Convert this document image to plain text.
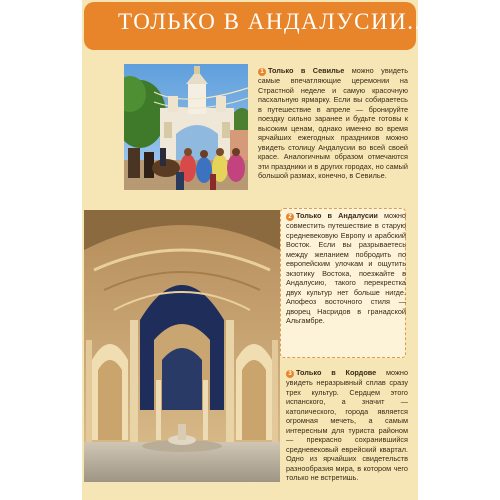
ТОЛЬКО В АНДАЛУСИИ...
1 Только в Севилье можно увидеть самые впечатляющие церемонии на Страстной неделе и самую красочную пасхальную ярмарку. Если вы собираетесь в путешествие в апреле — бронируйте поездку сильно заранее и будьте готовы к высоким ценам, однако именно во время ярчайших ежегодных праздников можно увидеть столицу Андалусии во всей своей красе. Аналогичным образом отмечаются эти праздники и в других городах, но самый большой размах, конечно, в Севилье.
2 Только в Андалусии можно совместить путешествие в старую средневековую Европу и арабский Восток. Если вы разрываетесь между желанием побродить по европейским улочкам и ощутить экзотику Востока, поезжайте в Андалусию, такого перекрестка двух культур нет больше нигде. Апофеоз восточного стиля — дворец Насридов в гранадской Альгамбре.
3 Только в Кордове можно увидеть неразрывный сплав сразу трех культур. Сердцем этого испанского, а значит — католического, города является огромная мечеть, а самым интересным для туриста районом — прекрасно сохранившийся средневековый еврейский квартал. Одно из ярчайших свидетельств разнообразия мира, в котором чего только не встретишь.
